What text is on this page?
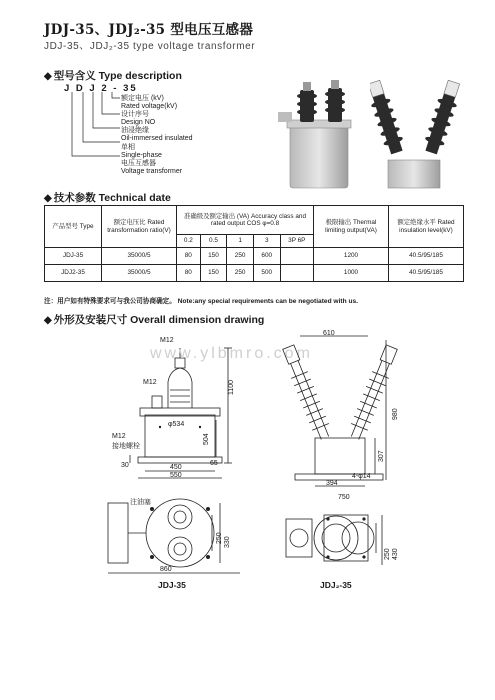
JDJ-35、JDJ₂-35 型电压互感器
JDJ-35、JDJ₂-35 type voltage transformer
◆ 型号含义 Type description
J D J 2 - 35
额定电压 (kV)
Rated voltage(kV)
设计序号
Design NO
油浸绝缘
Oil-immersed insulated
单相
Single-phase
电压互感器
Voltage transformer
◆ 技术参数 Technical date
产品型号 Type	额定电压比 Rated transformation ratio(V)	准确级及额定输出 (VA) Accuracy class and rated output COS φ=0.8					极限输出 Thermal limiting output(VA)	额定绝缘水平 Rated insulation level(kV)
		0.2	0.5	1	3	3P 6P		
JDJ-35	35000/5	80	150	250	600		1200	40.5/95/185
JDJ2-35	35000/5	80	150	250	500		1000	40.5/95/185
注：用户如有特殊要求可与我公司协商确定。 Note:any special requirements can be negotiated with us.
◆ 外形及安装尺寸 Overall dimension drawing
M12
1100
φ534
504
M12
M12
接地螺栓
30	450
550
65
www.ylbmro.com
610
980
307
394
4-φ14
750
注油塞
330
250
860
250 430
JDJ-35	JDJ₂-35
